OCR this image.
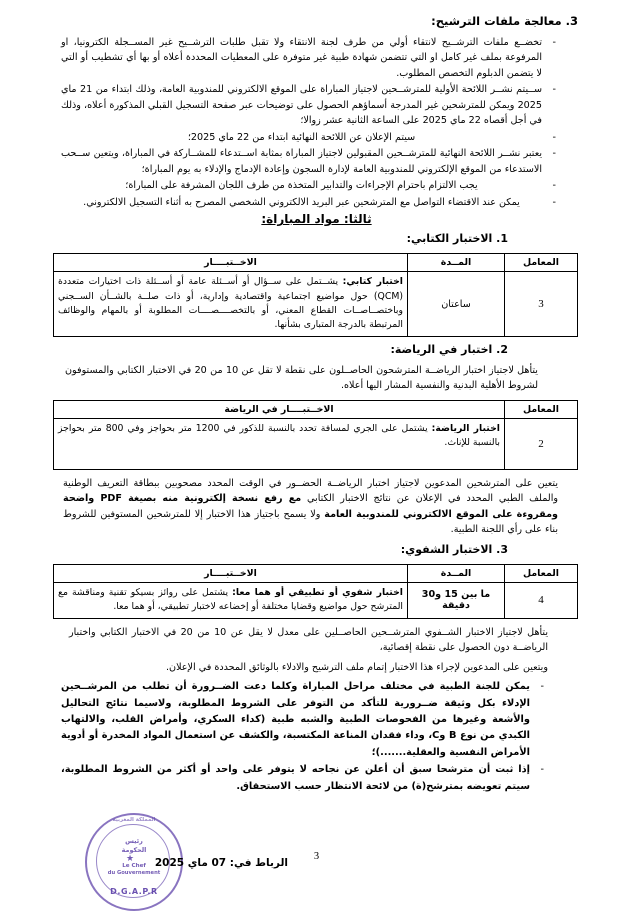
3. معالجة ملفات الترشيح:
- تخضــع ملفات الترشــيح لانتقاء أولي من طرف لجنة الانتقاء ولا تقبل طلبات الترشــيح غير المســجلة الكترونيا، او المرفوعة بملف غير كامل او التي تتضمن شهادة طبية غير متوفرة على المعطيات المحددة أعلاه أو بها أي تشطيب أو التي لا يتضمن الدبلوم التخصص المطلوب.
- ســيتم نشــر اللائحة الأولية للمترشــحين لاجتياز المباراة على الموقع الالكتروني للمندوبية العامة، وذلك ابتداء من 21 ماي 2025 ويمكن للمترشحين غير المدرجة أسماؤهم الحصول على توضيحات عبر صفحة التسجيل القبلي المذكورة أعلاه، وذلك في أجل أقصاه 22 ماي 2025 على الساعة الثانية عشر زوالا؛
- سيتم الإعلان عن اللائحة النهائية ابتداء من 22 ماي 2025؛
- يعتبر نشــر اللائحة النهائية للمترشــحين المقبولين لاجتياز المباراة بمثابة اســتدعاء للمشــاركة في المباراة، ويتعين ســحب الاستدعاء من الموقع الإلكتروني للمندوبية العامة لإدارة السجون وإعادة الإدماج والإدلاء به يوم المباراة؛
- يجب الالتزام باحترام الإجراءات والتدابير المتخذة من طرف اللجان المشرفة على المباراة؛
- يمكن عند الاقتضاء التواصل مع المترشحين عبر البريد الالكتروني الشخصي المصرح به أثناء التسجيل الالكتروني.
ثالثا: مواد المباراة:
1. الاختبار الكتابي:
المعامل	المــدة	الاخــتبــــار
3	ساعتان	اختبار كتابي: يشــتمل على ســؤال أو أســئلة عامة أو أســئلة ذات اختيارات متعددة (QCM) حول مواضيع اجتماعية واقتصادية وإدارية، أو ذات صلــة بالشــأن الســجني وباختصــاصــات القطاع المعني، أو بالتخصــــصــــات المطلوبة أو بالمهام والوظائف المرتبطة بالدرجة المتبارى بشأنها.
2. اختبار في الرياضة:

يتأهل لاجتياز اختبار الرياضــة المترشحون الحاصــلون على نقطة لا تقل عن 10 من 20 في الاختبار الكتابي والمستوفون لشروط الأهلية البدنية والنفسية المشار اليها أعلاه.

المعامل	الاخــتبــــار في الرياضة
2	اختبار الرياضة: يشتمل على الجري لمسافة تحدد بالنسبة للذكور في 1200 متر بحواجز وفي 800 متر بحواجز بالنسبة للإناث.

يتعين على المترشحين المدعوين لاجتياز اختبار الرياضــة الحضــور في الوقت المحدد مصحوبين ببطاقة التعريف الوطنية والملف الطبي المحدد في الإعلان عن نتائج الاختبار الكتابي مع رفع نسخة إلكترونية منه بصيغة PDF واضحة ومقروءة على الموقع الالكتروني للمندوبية العامة ولا يسمح باجتياز هذا الاختبار إلا للمترشحين المستوفين للشروط بناء على رأي اللجنة الطبية.

3. الاختبار الشفوي:
المعامل	المــدة	الاخــتبــــار
4	ما بين 15 و30 دقيقة	اختبار شفوي أو تطبيقي أو هما معا: يشتمل على روائز بسيكو تقنية ومناقشة مع المترشح حول مواضيع وقضايا مختلفة أو إخضاعه لاختبار تطبيقي، أو هما معا.

يتأهل لاجتياز الاختبار الشــفوي المترشــحين الحاصــلين على معدل لا يقل عن 10 من 20 في الاختبار الكتابي واختبار الرياضــة دون الحصول على نقطة إقصائية،

ويتعين على المدعوين لإجراء هذا الاختبار إتمام ملف الترشيح والادلاء بالوثائق المحددة في الإعلان.

- يمكن للجنة الطبية في مختلف مراحل المباراة وكلما دعت الضــرورة أن تطلب من المرشــحين الإدلاء بكل وثيقة ضــرورية للتأكد من التوفر على الشروط المطلوبة، ولاسيما نتائج التحاليل والأشعة وغيرها من الفحوصات الطبية والشبه طبية (كداء السكري، وأمراض القلب، والالتهاب الكبدي من نوع B وC، وداء فقدان المناعة المكتسبة، والكشف عن استعمال المواد المخدرة أو أدوية الأمراض النفسية والعقلية.......)؛
- إذا ثبت أن مترشحا سبق أن أعلن عن نجاحه لا يتوفر على واحد أو أكثر من الشروط المطلوبة، سيتم تعويضه بمترشح(ة) من لائحة الانتظار حسب الاستحقاق.
المملكة المغربية
رئيس
الحكومة
★
Le Chef
du Gouvernement
D.G.A.P.R
الرباط في: 07 ماي 2025
3
